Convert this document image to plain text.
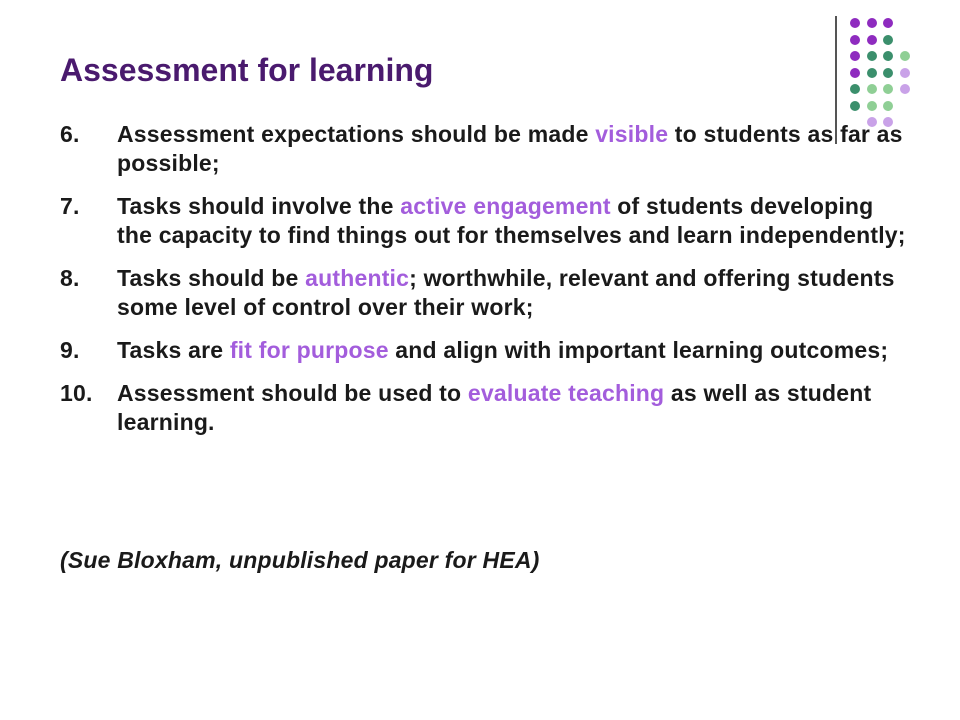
Assessment for learning
6.	Assessment expectations should be made visible to students as far as possible;
7.	Tasks should involve the active engagement of students developing the capacity to find things out for themselves and learn independently;
8.	Tasks should be authentic; worthwhile, relevant and offering students some level of control over their work;
9.	Tasks are fit for purpose and align with important learning outcomes;
10.	Assessment should be used to evaluate teaching as well as student learning.
(Sue Bloxham, unpublished paper for HEA)
